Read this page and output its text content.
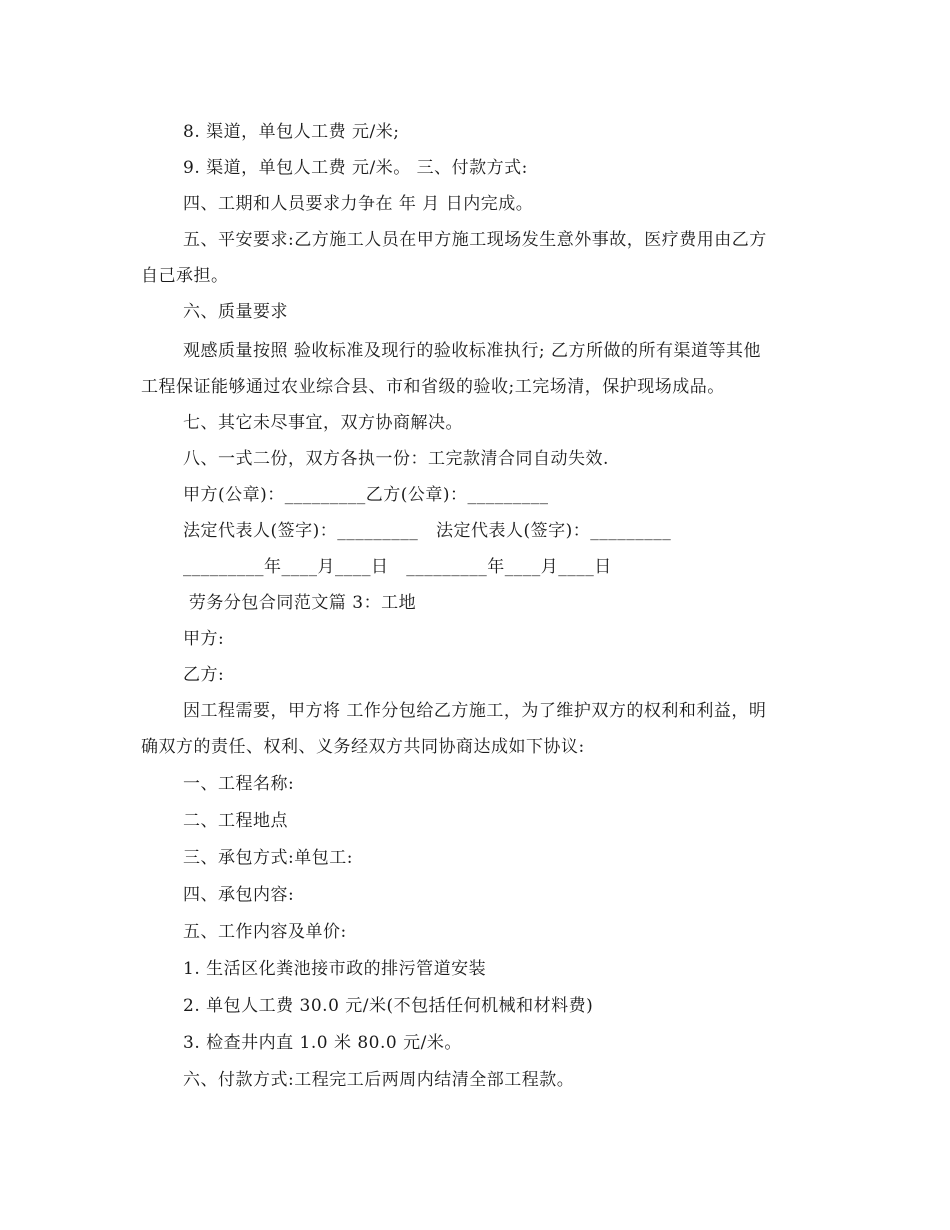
8. 渠道，单包人工费 元/米;
9. 渠道，单包人工费 元/米。 三、付款方式:
四、工期和人员要求力争在 年 月 日内完成。
五、平安要求:乙方施工人员在甲方施工现场发生意外事故，医疗费用由乙方
自己承担。
六、质量要求
观感质量按照 验收标准及现行的验收标准执行; 乙方所做的所有渠道等其他
工程保证能够通过农业综合县、市和省级的验收;工完场清，保护现场成品。
七、其它未尽事宜，双方协商解决。
八、一式二份，双方各执一份：工完款清合同自动失效.
甲方(公章)：_________乙方(公章)：_________
法定代表人(签字)：_________   法定代表人(签字)：_________
_________年____月____日   _________年____月____日
劳务分包合同范文篇 3：工地
甲方:
乙方:
因工程需要，甲方将 工作分包给乙方施工，为了维护双方的权利和利益，明
确双方的责任、权利、义务经双方共同协商达成如下协议:
一、工程名称:
二、工程地点
三、承包方式:单包工:
四、承包内容:
五、工作内容及单价:
1. 生活区化粪池接市政的排污管道安装
2. 单包人工费 30.0 元/米(不包括任何机械和材料费)
3. 检查井内直 1.0 米 80.0 元/米。
六、付款方式:工程完工后两周内结清全部工程款。
